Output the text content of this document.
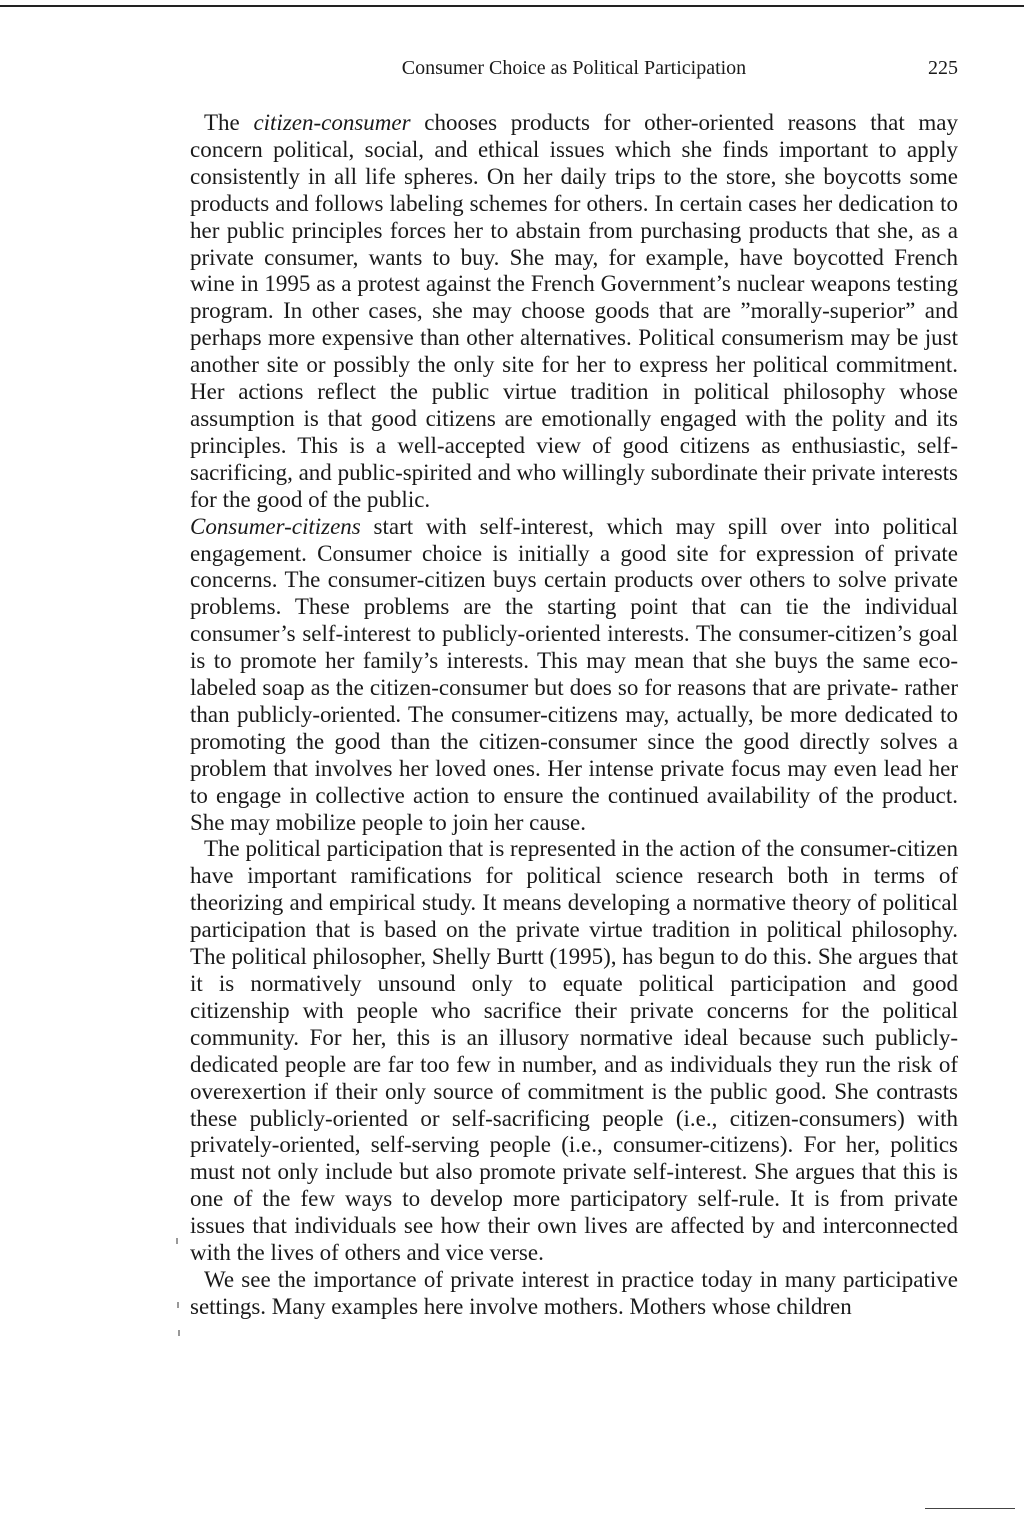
Consumer Choice as Political Participation	225

The citizen-consumer chooses products for other-oriented reasons that may concern political, social, and ethical issues which she finds important to apply consistently in all life spheres. On her daily trips to the store, she boycotts some products and follows labeling schemes for others. In certain cases her dedication to her public principles forces her to abstain from purchasing products that she, as a private consumer, wants to buy. She may, for example, have boycotted French wine in 1995 as a protest against the French Government’s nuclear weapons testing program. In other cases, she may choose goods that are ”morally-superior” and perhaps more expensive than other alternatives. Political consumerism may be just another site or possibly the only site for her to express her political commitment. Her actions reflect the public virtue tradition in political philosophy whose assumption is that good citizens are emotionally engaged with the polity and its principles. This is a well-accepted view of good citizens as enthusiastic, self-sacrificing, and public-spirited and who willingly subordinate their private interests for the good of the public.

Consumer-citizens start with self-interest, which may spill over into political engagement. Consumer choice is initially a good site for expression of private concerns. The consumer-citizen buys certain products over others to solve private problems. These problems are the starting point that can tie the individual consumer’s self-interest to publicly-oriented interests. The consumer-citizen’s goal is to promote her family’s interests. This may mean that she buys the same eco-labeled soap as the citizen-consumer but does so for reasons that are private- rather than publicly-oriented. The consumer-citizens may, actually, be more dedicated to promoting the good than the citizen-consumer since the good directly solves a problem that involves her loved ones. Her intense private focus may even lead her to engage in collective action to ensure the continued availability of the product. She may mobilize people to join her cause.

The political participation that is represented in the action of the consumer-citizen have important ramifications for political science research both in terms of theorizing and empirical study. It means developing a normative theory of political participation that is based on the private virtue tradition in political philosophy. The political philosopher, Shelly Burtt (1995), has begun to do this. She argues that it is normatively unsound only to equate political participation and good citizenship with people who sacrifice their private concerns for the political community. For her, this is an illusory normative ideal because such publicly-dedicated people are far too few in number, and as individuals they run the risk of overexertion if their only source of commitment is the public good. She contrasts these publicly-oriented or self-sacrificing people (i.e., citizen-consumers) with privately-oriented, self-serving people (i.e., consumer-citizens). For her, politics must not only include but also promote private self-interest. She argues that this is one of the few ways to develop more participatory self-rule. It is from private issues that individuals see how their own lives are affected by and interconnected with the lives of others and vice verse.

We see the importance of private interest in practice today in many participative settings. Many examples here involve mothers. Mothers whose children
